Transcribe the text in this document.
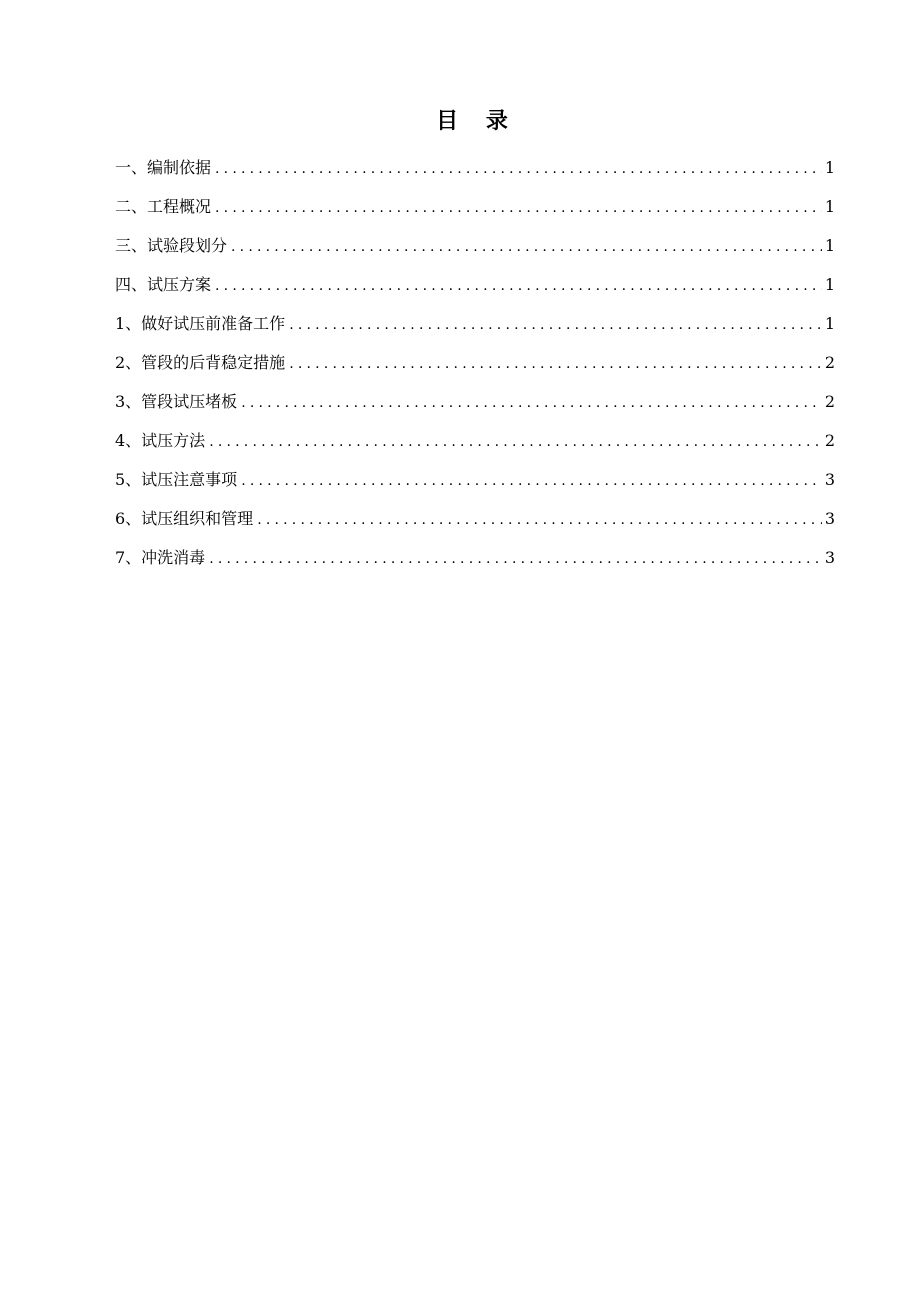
目 录
一、编制依据 .....	1
二、工程概况 .....	1
三、试验段划分 .....	1
四、试压方案 .....	1
1、做好试压前准备工作 .....	1
2、管段的后背稳定措施 .....	2
3、管段试压堵板 .....	2
4、试压方法 .....	2
5、试压注意事项 .....	3
6、试压组织和管理 .....	3
7、冲洗消毒 .....	3
